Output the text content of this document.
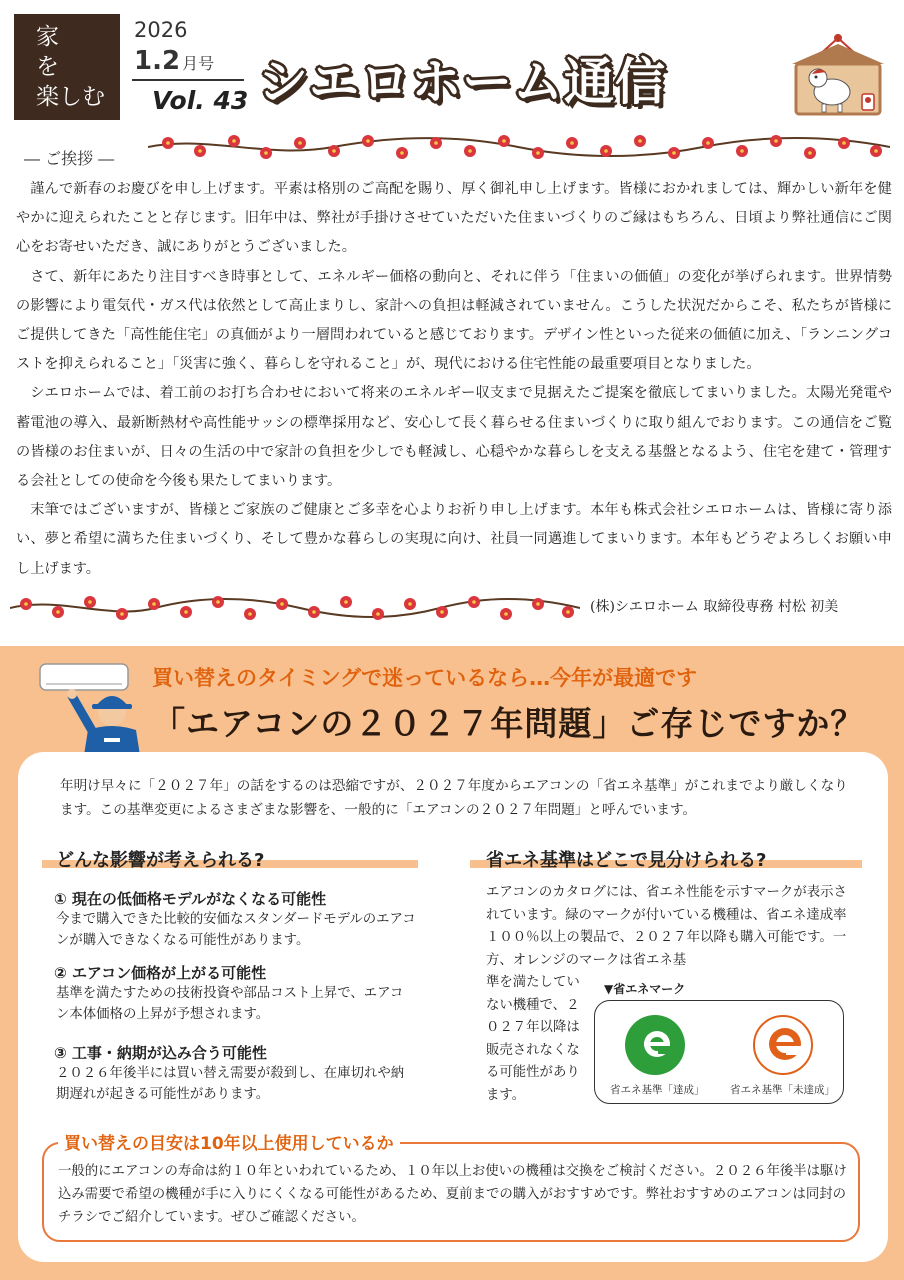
家
を
楽しむ
2026
1.2 月号
Vol. 43 シエロホーム通信
― ご挨拶 ―

謹んで新春のお慶びを申し上げます。平素は格別のご高配を賜り、厚く御礼申し上げます。皆様におかれましては、輝かしい新年を健やかに迎えられたことと存じます。旧年中は、弊社が手掛けさせていただいた住まいづくりのご縁はもちろん、日頃より弊社通信にご関心をお寄せいただき、誠にありがとうございました。

さて、新年にあたり注目すべき時事として、エネルギー価格の動向と、それに伴う「住まいの価値」の変化が挙げられます。世界情勢の影響により電気代・ガス代は依然として高止まりし、家計への負担は軽減されていません。こうした状況だからこそ、私たちが皆様にご提供してきた「高性能住宅」の真価がより一層問われていると感じております。デザイン性といった従来の価値に加え、「ランニングコストを抑えられること」「災害に強く、暮らしを守れること」が、現代における住宅性能の最重要項目となりました。

シエロホームでは、着工前のお打ち合わせにおいて将来のエネルギー収支まで見据えたご提案を徹底してまいりました。太陽光発電や蓄電池の導入、最新断熱材や高性能サッシの標準採用など、安心して長く暮らせる住まいづくりに取り組んでおります。この通信をご覧の皆様のお住まいが、日々の生活の中で家計の負担を少しでも軽減し、心穏やかな暮らしを支える基盤となるよう、住宅を建て・管理する会社としての使命を今後も果たしてまいります。

末筆ではございますが、皆様とご家族のご健康とご多幸を心よりお祈り申し上げます。本年も株式会社シエロホームは、皆様に寄り添い、夢と希望に満ちた住まいづくり、そして豊かな暮らしの実現に向け、社員一同邁進してまいります。本年もどうぞよろしくお願い申し上げます。

(株)シエロホーム 取締役専務 村松 初美
買い替えのタイミングで迷っているなら…今年が最適です
「エアコンの２０２７年問題」ご存じですか？
年明け早々に「２０２７年」の話をするのは恐縮ですが、２０２７年度からエアコンの「省エネ基準」がこれまでより厳しくなります。この基準変更によるさまざまな影響を、一般的に「エアコンの２０２７年問題」と呼んでいます。
どんな影響が考えられる?
① 現在の低価格モデルがなくなる可能性
今まで購入できた比較的安価なスタンダードモデルのエアコンが購入できなくなる可能性があります。
② エアコン価格が上がる可能性
基準を満たすための技術投資や部品コスト上昇で、エアコン本体価格の上昇が予想されます。
③ 工事・納期が込み合う可能性
２０２６年後半には買い替え需要が殺到し、在庫切れや納期遅れが起きる可能性があります。
省エネ基準はどこで見分けられる?
エアコンのカタログには、省エネ性能を示すマークが表示されています。緑のマークが付いている機種は、省エネ達成率１００％以上の製品で、２０２７年以降も購入可能です。一方、オレンジのマークは省エネ基
準を満たしていない機種で、２０２７年以降は販売されなくなる可能性があります。
▼省エネマーク
省エネ基準「達成」 省エネ基準「未達成」
買い替えの目安は10年以上使用しているか
一般的にエアコンの寿命は約１０年といわれているため、１０年以上お使いの機種は交換をご検討ください。２０２６年後半は駆け込み需要で希望の機種が手に入りにくくなる可能性があるため、夏前までの購入がおすすめです。弊社おすすめのエアコンは同封のチラシでご紹介しています。ぜひご確認ください。
